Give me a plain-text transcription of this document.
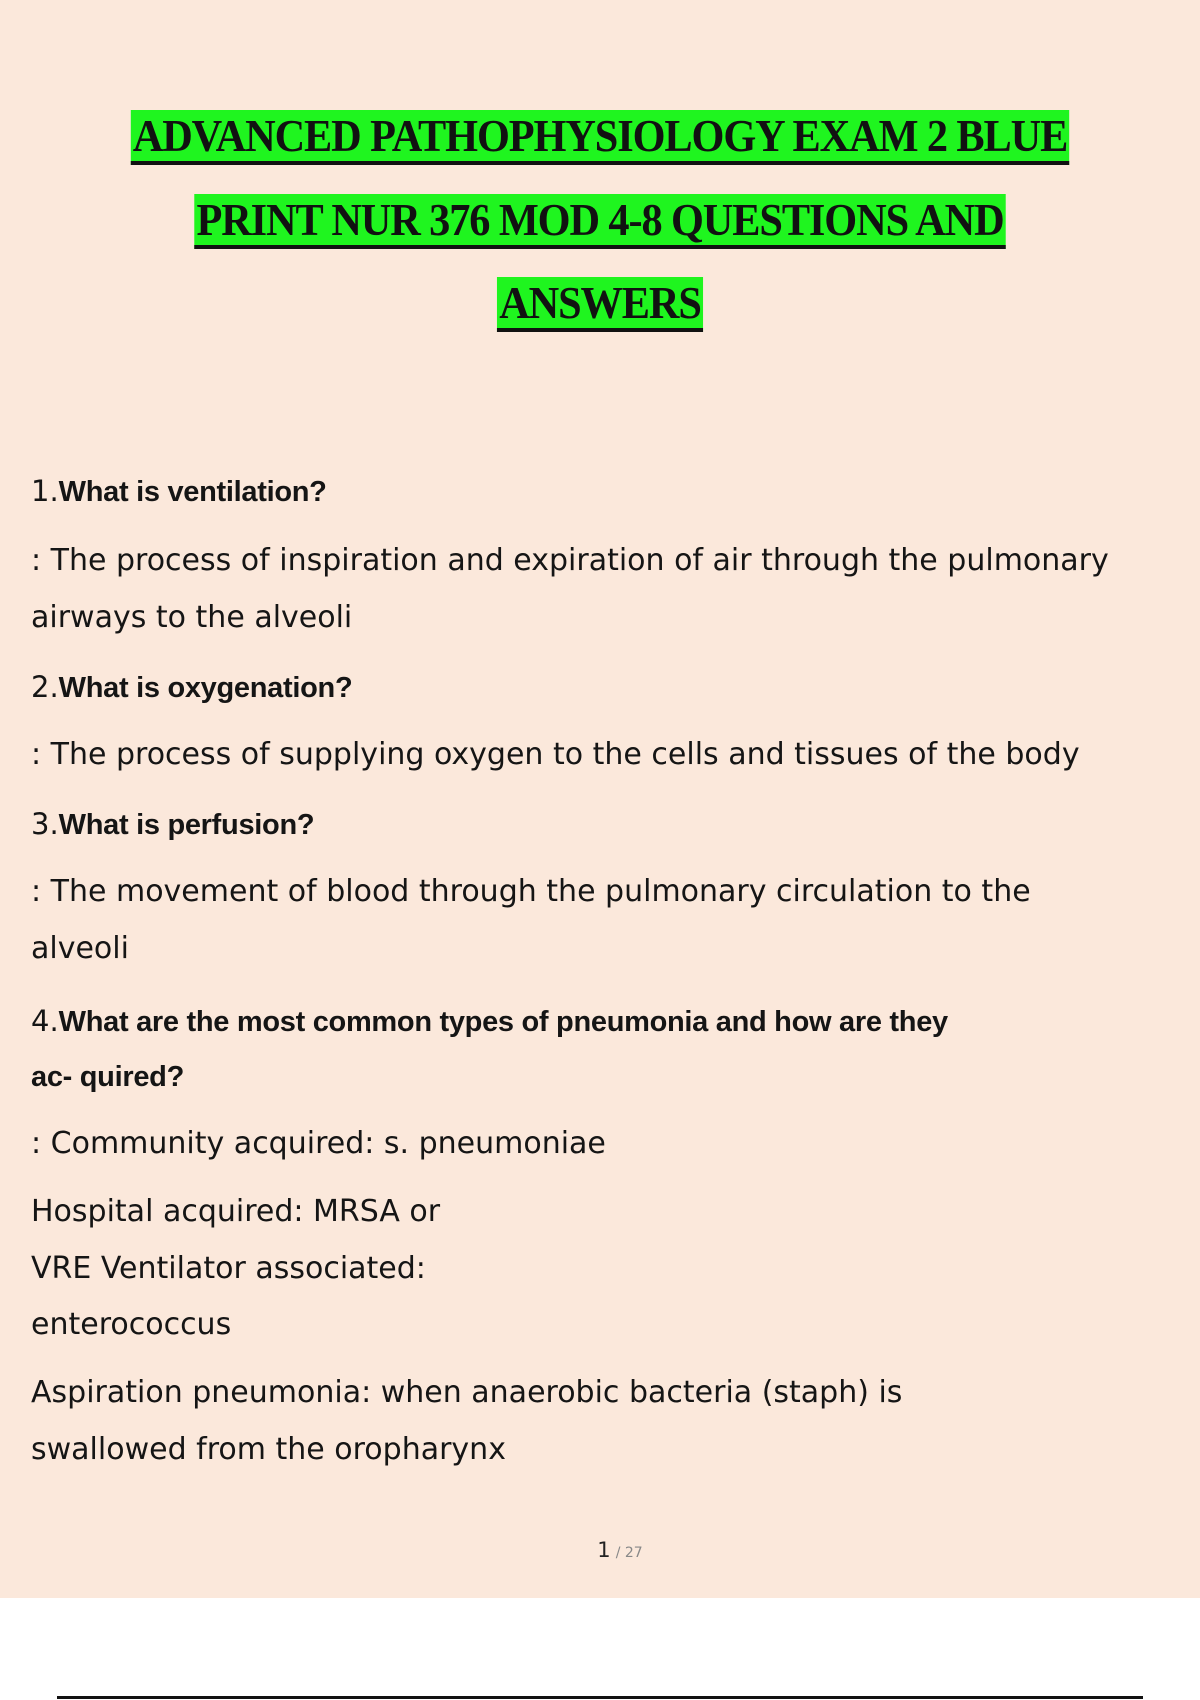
ADVANCED PATHOPHYSIOLOGY EXAM 2 BLUE
PRINT NUR 376 MOD 4-8 QUESTIONS AND
ANSWERS
1.What is ventilation?
: The process of inspiration and expiration of air through the pulmonary
airways to the alveoli
2.What is oxygenation?
: The process of supplying oxygen to the cells and tissues of the body
3.What is perfusion?
: The movement of blood through the pulmonary circulation to the
alveoli
4.What are the most common types of pneumonia and how are they
ac- quired?
: Community acquired: s. pneumoniae
Hospital acquired: MRSA or
VRE Ventilator associated:
enterococcus
Aspiration pneumonia: when anaerobic bacteria (staph) is
swallowed from the oropharynx
1 / 27
